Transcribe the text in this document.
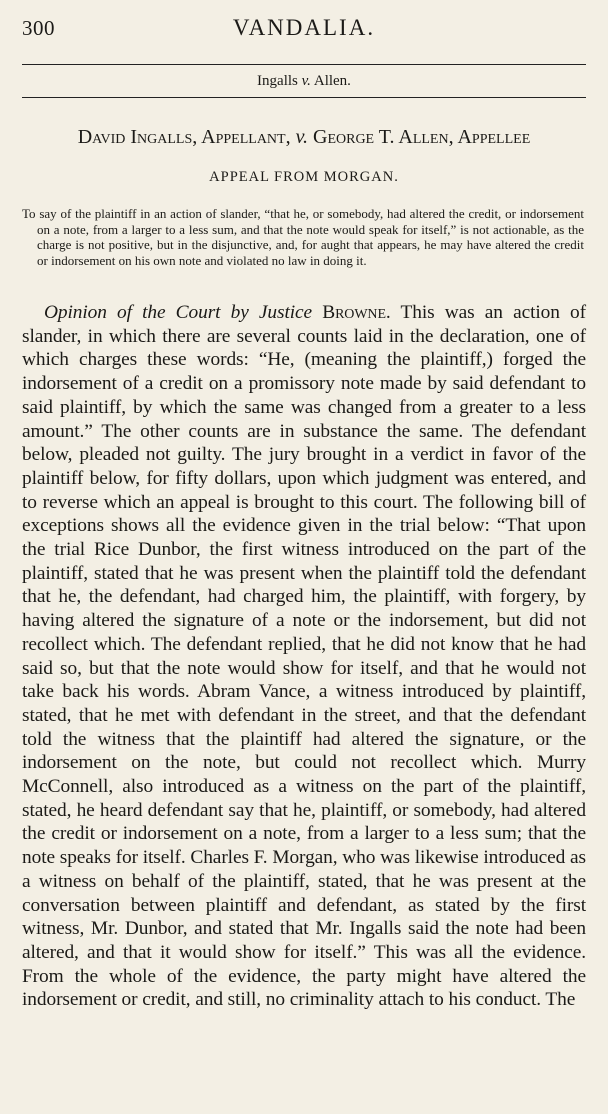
300	VANDALIA.
Ingalls v. Allen.
David Ingalls, Appellant, v. George T. Allen, Appellee
APPEAL FROM MORGAN.

To say of the plaintiff in an action of slander, “that he, or somebody, had altered the credit, or indorsement on a note, from a larger to a less sum, and that the note would speak for itself,” is not actionable, as the charge is not positive, but in the disjunctive, and, for aught that appears, he may have altered the credit or indorsement on his own note and violated no law in doing it.

Opinion of the Court by Justice Browne. This was an action of slander, in which there are several counts laid in the declaration, one of which charges these words: “He, (meaning the plaintiff,) forged the indorsement of a credit on a promissory note made by said defendant to said plaintiff, by which the same was changed from a greater to a less amount.” The other counts are in substance the same. The defendant below, pleaded not guilty. The jury brought in a verdict in favor of the plaintiff below, for fifty dollars, upon which judgment was entered, and to reverse which an appeal is brought to this court. The following bill of exceptions shows all the evidence given in the trial below: “That upon the trial Rice Dunbor, the first witness introduced on the part of the plaintiff, stated that he was present when the plaintiff told the defendant that he, the defendant, had charged him, the plaintiff, with forgery, by having altered the signature of a note or the indorsement, but did not recollect which. The defendant replied, that he did not know that he had said so, but that the note would show for itself, and that he would not take back his words. Abram Vance, a witness introduced by plaintiff, stated, that he met with defendant in the street, and that the defendant told the witness that the plaintiff had altered the signature, or the indorsement on the note, but could not recollect which. Murry McConnell, also introduced as a witness on the part of the plaintiff, stated, he heard defendant say that he, plaintiff, or somebody, had altered the credit or indorsement on a note, from a larger to a less sum; that the note speaks for itself. Charles F. Morgan, who was likewise introduced as a witness on behalf of the plaintiff, stated, that he was present at the conversation between plaintiff and defendant, as stated by the first witness, Mr. Dunbor, and stated that Mr. Ingalls said the note had been altered, and that it would show for itself.” This was all the evidence. From the whole of the evidence, the party might have altered the indorsement or credit, and still, no criminality attach to his conduct. The
